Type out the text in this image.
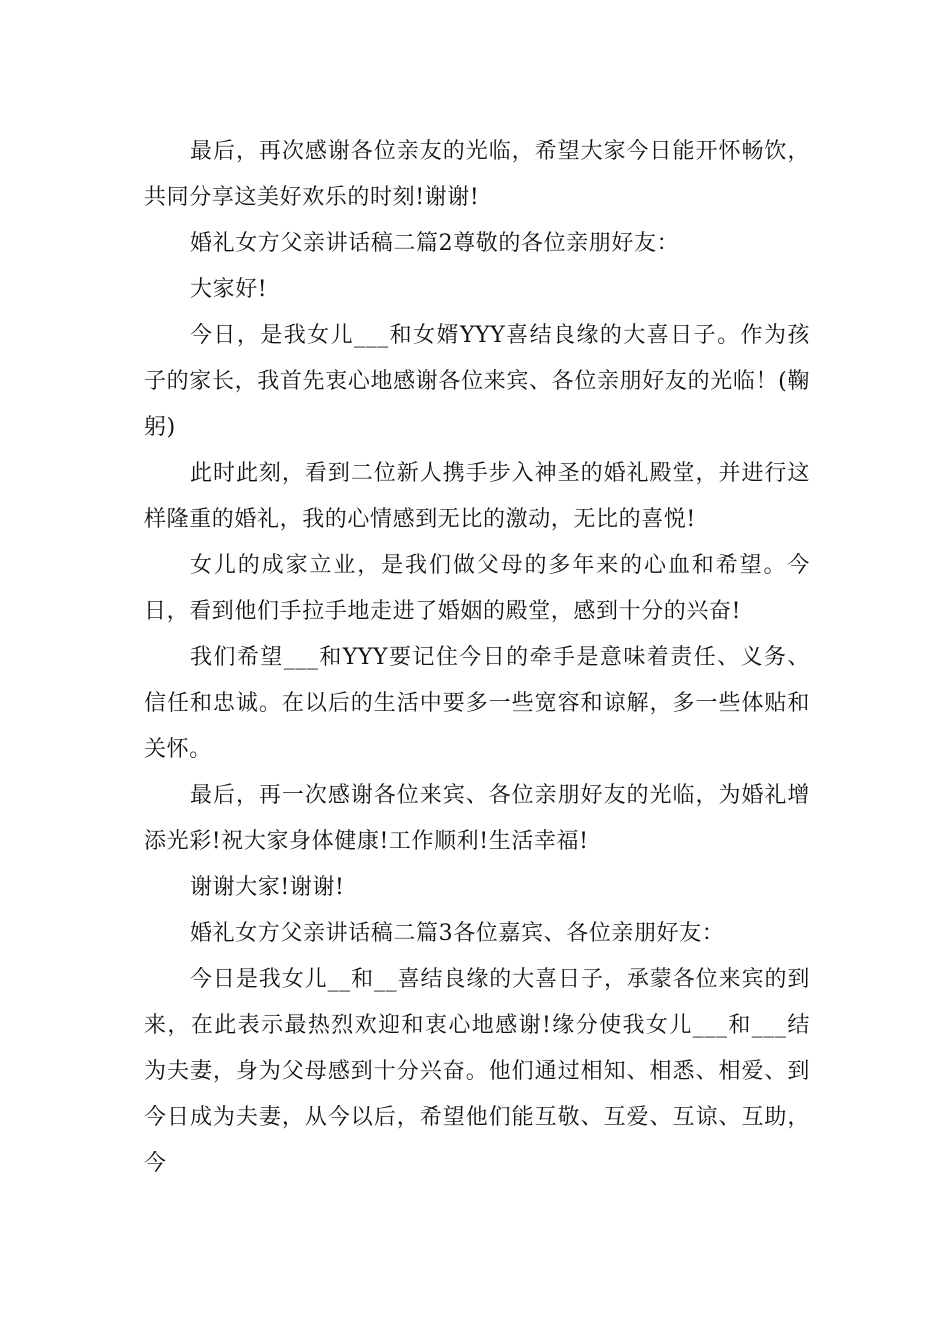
最后，再次感谢各位亲友的光临，希望大家今日能开怀畅饮，共同分享这美好欢乐的时刻!谢谢!

婚礼女方父亲讲话稿二篇2尊敬的各位亲朋好友：

大家好!

今日，是我女儿___和女婿YYY喜结良缘的大喜日子。作为孩子的家长，我首先衷心地感谢各位来宾、各位亲朋好友的光临！(鞠躬)

此时此刻，看到二位新人携手步入神圣的婚礼殿堂，并进行这样隆重的婚礼，我的心情感到无比的激动，无比的喜悦!

女儿的成家立业，是我们做父母的多年来的心血和希望。今日，看到他们手拉手地走进了婚姻的殿堂，感到十分的兴奋!

我们希望___和YYY要记住今日的牵手是意味着责任、义务、信任和忠诚。在以后的生活中要多一些宽容和谅解，多一些体贴和关怀。

最后，再一次感谢各位来宾、各位亲朋好友的光临，为婚礼增添光彩!祝大家身体健康!工作顺利!生活幸福!

谢谢大家!谢谢!

婚礼女方父亲讲话稿二篇3各位嘉宾、各位亲朋好友：

今日是我女儿__和__喜结良缘的大喜日子，承蒙各位来宾的到来，在此表示最热烈欢迎和衷心地感谢!缘分使我女儿___和___结为夫妻，身为父母感到十分兴奋。他们通过相知、相悉、相爱、到今日成为夫妻，从今以后，希望他们能互敬、互爱、互谅、互助，今
